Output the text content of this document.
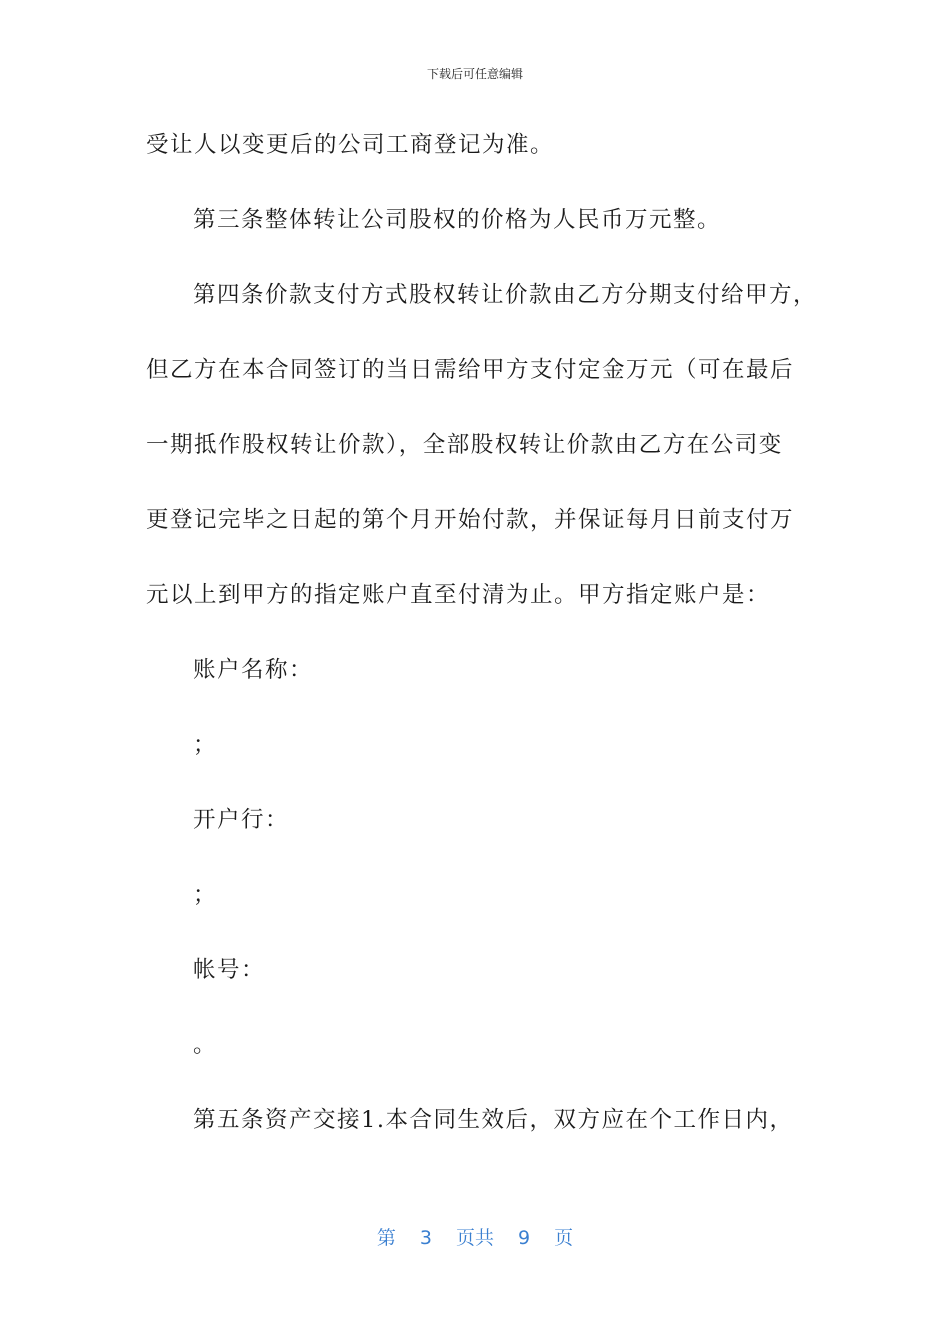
下载后可任意编辑
受让人以变更后的公司工商登记为准。
第三条整体转让公司股权的价格为人民币万元整。
第四条价款支付方式股权转让价款由乙方分期支付给甲方，
但乙方在本合同签订的当日需给甲方支付定金万元（可在最后
一期抵作股权转让价款），全部股权转让价款由乙方在公司变
更登记完毕之日起的第个月开始付款，并保证每月日前支付万
元以上到甲方的指定账户直至付清为止。甲方指定账户是：
账户名称：
；
开户行：
；
帐号：
。
第五条资产交接1.本合同生效后，双方应在个工作日内，
第 3 页共 9 页
